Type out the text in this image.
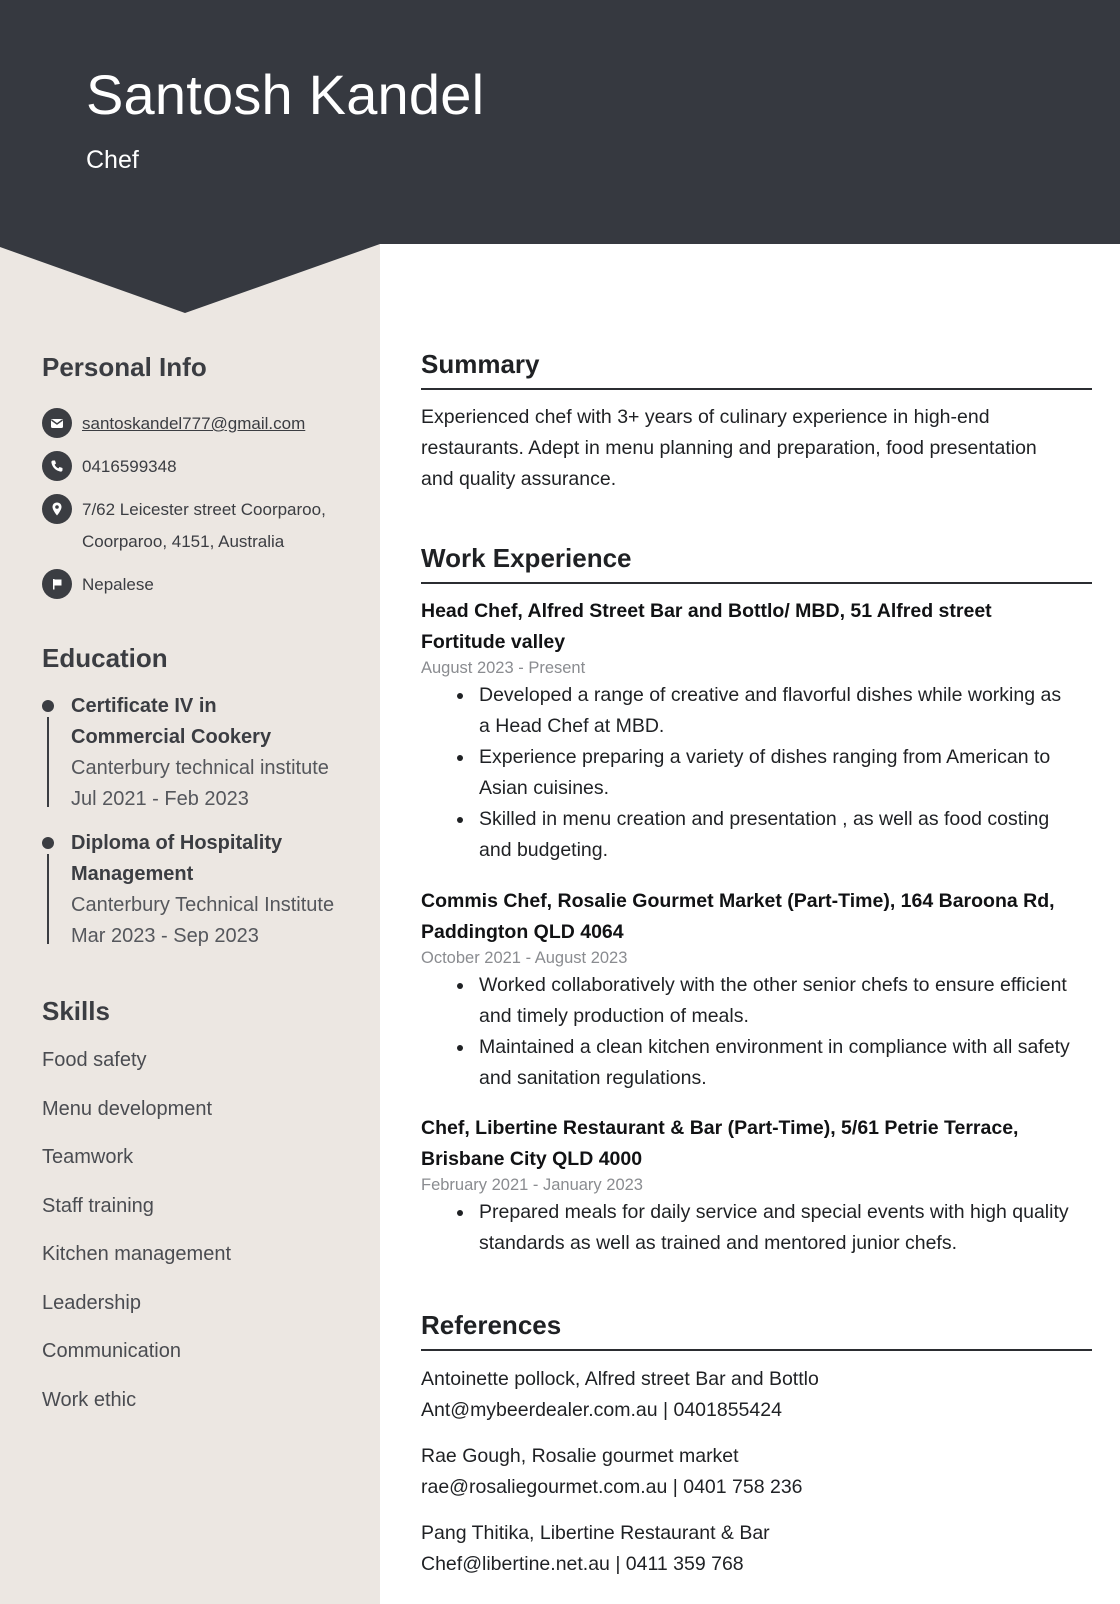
Santosh Kandel
Chef
Personal Info
santoskandel777@gmail.com
0416599348
7/62 Leicester street Coorparoo,
Coorparoo, 4151, Australia
Nepalese
Education
Certificate IV in
Commercial Cookery
Canterbury technical institute
Jul 2021 - Feb 2023
Diploma of Hospitality
Management
Canterbury Technical Institute
Mar 2023 - Sep 2023
Skills
Food safety
Menu development
Teamwork
Staff training
Kitchen management
Leadership
Communication
Work ethic
Summary
Experienced chef with 3+ years of culinary experience in high-end
restaurants. Adept in menu planning and preparation, food presentation
and quality assurance.
Work Experience
Head Chef, Alfred Street Bar and Bottlo/ MBD, 51 Alfred street
Fortitude valley
August 2023 - Present
Developed a range of creative and flavorful dishes while working as
a Head Chef at MBD.
Experience preparing a variety of dishes ranging from American to
Asian cuisines.
Skilled in menu creation and presentation , as well as food costing
and budgeting.
Commis Chef, Rosalie Gourmet Market (Part-Time), 164 Baroona Rd,
Paddington QLD 4064
October 2021 - August 2023
Worked collaboratively with the other senior chefs to ensure efficient
and timely production of meals.
Maintained a clean kitchen environment in compliance with all safety
and sanitation regulations.
Chef, Libertine Restaurant & Bar (Part-Time), 5/61 Petrie Terrace,
Brisbane City QLD 4000
February 2021 - January 2023
Prepared meals for daily service and special events with high quality
standards as well as trained and mentored junior chefs.
References
Antoinette pollock, Alfred street Bar and Bottlo
Ant@mybeerdealer.com.au | 0401855424
Rae Gough, Rosalie gourmet market
rae@rosaliegourmet.com.au | 0401 758 236
Pang Thitika, Libertine Restaurant & Bar
Chef@libertine.net.au | 0411 359 768
